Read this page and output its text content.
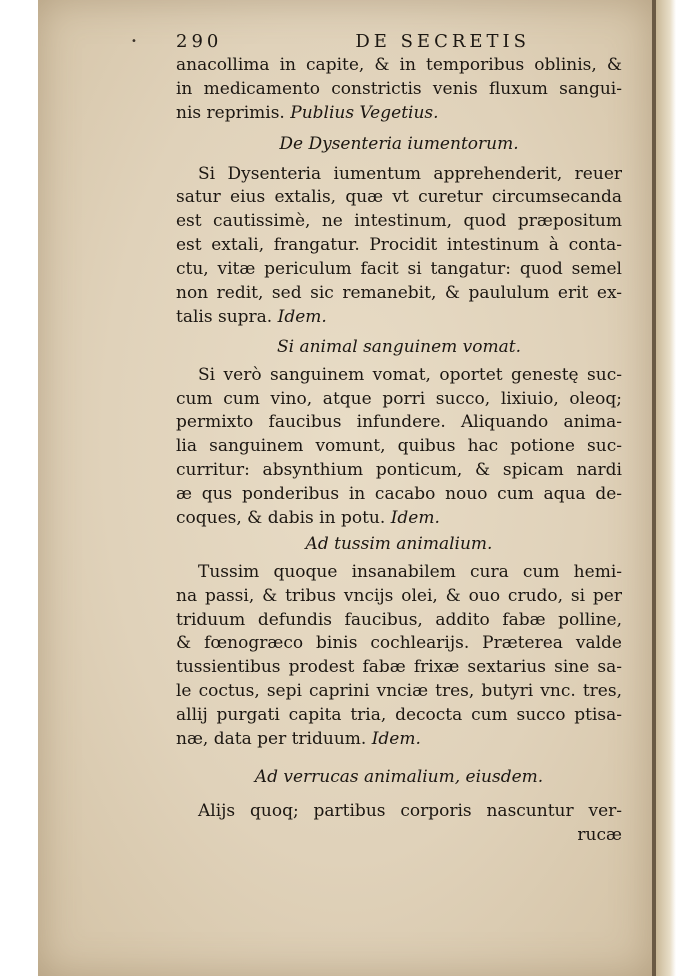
• 290	DE SECRETIS
anacollima in capite, & in temporibus oblinis, &
in medicamento constrictis venis fluxum sangui-
nis reprimis. Publius Vegetius.
De Dysenteria iumentorum.
Si Dysenteria iumentum apprehenderit, reuer
satur eius extalis, quæ vt curetur circumsecanda
est cautissimè, ne intestinum, quod præpositum
est extali, frangatur. Procidit intestinum à conta-
ctu, vitæ periculum facit si tangatur: quod semel
non redit, sed sic remanebit, & paululum erit ex-
talis supra. Idem.
Si animal sanguinem vomat.
Si verò sanguinem vomat, oportet genestę suc-
cum cum vino, atque porri succo, lixiuio, oleoq;
permixto faucibus infundere. Aliquando anima-
lia sanguinem vomunt, quibus hac potione suc-
curritur: absynthium ponticum, & spicam nardi
æ qus ponderibus in cacabo nouo cum aqua de-
coques, & dabis in potu. Idem.
Ad tussim animalium.
Tussim quoque insanabilem cura cum hemi-
na passi, & tribus vncijs olei, & ouo crudo, si per
triduum defundis faucibus, addito fabæ polline,
& fœnogræco binis cochlearijs. Præterea valde
tussientibus prodest fabæ frixæ sextarius sine sa-
le coctus, sepi caprini vnciæ tres, butyri vnc. tres,
allij purgati capita tria, decocta cum succo ptisa-
næ, data per triduum. Idem.
Ad verrucas animalium, eiusdem.
Alijs quoq; partibus corporis nascuntur ver-
rucæ
